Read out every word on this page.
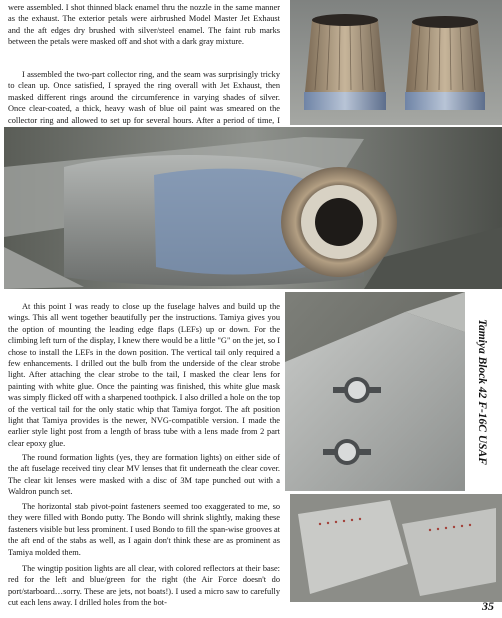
were assembled. I shot thinned black enamel thru the nozzle in the same manner as the exhaust. The exterior petals were airbrushed Model Master Jet Exhaust and the aft edges dry brushed with silver/steel enamel. The faint rub marks between the petals were masked off and shot with a dark gray mixture.

I assembled the two-part collector ring, and the seam was surprisingly tricky to clean up. Once satisfied, I sprayed the ring overall with Jet Exhaust, then masked different rings around the circumference in varying shades of silver. Once clear-coated, a thick, heavy wash of blue oil paint was smeared on the collector ring and allowed to set up for several hours. After a period of time, I

At this point I was ready to close up the fuselage halves and build up the wings. This all went together beautifully per the instructions. Tamiya gives you the option of mounting the leading edge flaps (LEFs) up or down. For the climbing left turn of the display, I knew there would be a little "G" on the jet, so I chose to install the LEFs in the down position. The vertical tail only required a few enhancements. I drilled out the bulb from the underside of the clear strobe light. After attaching the clear strobe to the tail, I masked the clear lens for painting with white glue. Once the painting was finished, this white glue mask was simply flicked off with a sharpened toothpick. I also drilled a hole on the top of the vertical tail for the only static whip that Tamiya forgot. The aft position light that Tamiya provides is the newer, NVG-compatible version. I made the earlier style light post from a length of brass tube with a lens made from 2 part clear epoxy glue.

The round formation lights (yes, they are formation lights) on either side of the aft fuselage received tiny clear MV lenses that fit underneath the clear cover. The clear kit lenses were masked with a disc of 3M tape punched out with a Waldron punch set.

The horizontal stab pivot-point fasteners seemed too exaggerated to me, so they were filled with Bondo putty. The Bondo will shrink slightly, making these fasteners visible but less prominent. I used Bondo to fill the span-wise grooves at the aft end of the stabs as well, as I again don't think these are as prominent as Tamiya molded them.

The wingtip position lights are all clear, with colored reflectors at their base: red for the left and blue/green for the right (the Air Force doesn't do port/starboard…sorry. These are jets, not boats!). I used a micro saw to carefully cut each lens away. I drilled holes from the bot-

Tamiya Block 42 F-16C USAF
35
